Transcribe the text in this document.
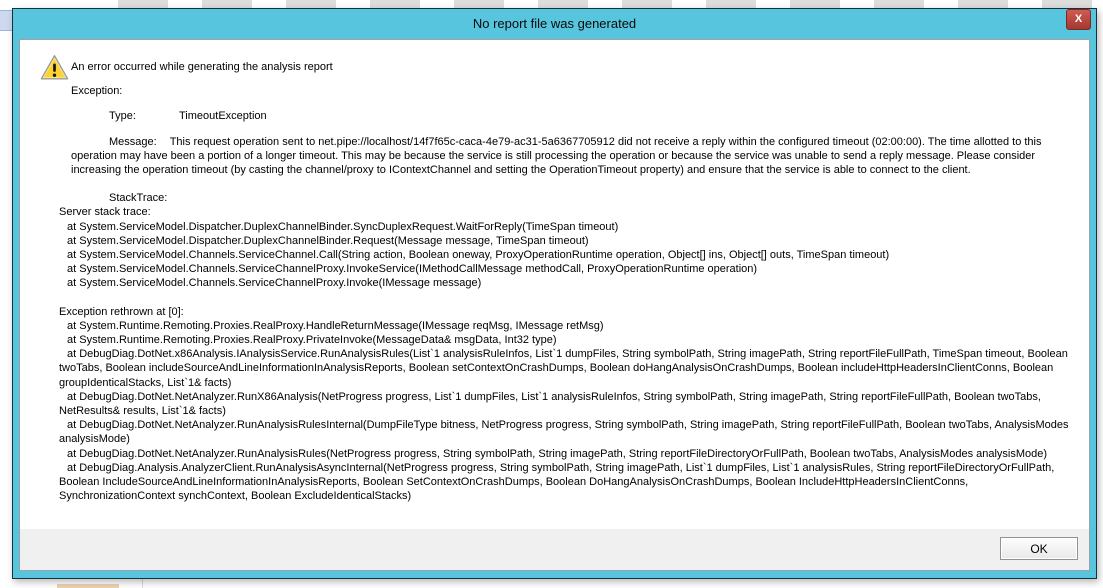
No report file was generated	X
An error occurred while generating the analysis report
Exception:
Type:	TimeoutException

Message: This request operation sent to net.pipe://localhost/14f7f65c-caca-4e79-ac31-5a6367705912 did not receive a reply within the configured timeout (02:00:00). The time allotted to this operation may have been a portion of a longer timeout. This may be because the service is still processing the operation or because the service was unable to send a reply message. Please consider increasing the operation timeout (by casting the channel/proxy to IContextChannel and setting the OperationTimeout property) and ensure that the service is able to connect to the client.

StackTrace:
Server stack trace:
at System.ServiceModel.Dispatcher.DuplexChannelBinder.SyncDuplexRequest.WaitForReply(TimeSpan timeout)
at System.ServiceModel.Dispatcher.DuplexChannelBinder.Request(Message message, TimeSpan timeout)
at System.ServiceModel.Channels.ServiceChannel.Call(String action, Boolean oneway, ProxyOperationRuntime operation, Object[] ins, Object[] outs, TimeSpan timeout)
at System.ServiceModel.Channels.ServiceChannelProxy.InvokeService(IMethodCallMessage methodCall, ProxyOperationRuntime operation)
at System.ServiceModel.Channels.ServiceChannelProxy.Invoke(IMessage message)
Exception rethrown at [0]:
at System.Runtime.Remoting.Proxies.RealProxy.HandleReturnMessage(IMessage reqMsg, IMessage retMsg)
at System.Runtime.Remoting.Proxies.RealProxy.PrivateInvoke(MessageData& msgData, Int32 type)
at DebugDiag.DotNet.x86Analysis.IAnalysisService.RunAnalysisRules(List`1 analysisRuleInfos, List`1 dumpFiles, String symbolPath, String imagePath, String reportFileFullPath, TimeSpan timeout, Boolean twoTabs, Boolean includeSourceAndLineInformationInAnalysisReports, Boolean setContextOnCrashDumps, Boolean doHangAnalysisOnCrashDumps, Boolean includeHttpHeadersInClientConns, Boolean groupIdenticalStacks, List`1& facts)
at DebugDiag.DotNet.NetAnalyzer.RunX86Analysis(NetProgress progress, List`1 dumpFiles, List`1 analysisRuleInfos, String symbolPath, String imagePath, String reportFileFullPath, Boolean twoTabs, NetResults& results, List`1& facts)
at DebugDiag.DotNet.NetAnalyzer.RunAnalysisRulesInternal(DumpFileType bitness, NetProgress progress, String symbolPath, String imagePath, String reportFileFullPath, Boolean twoTabs, AnalysisModes analysisMode)
at DebugDiag.DotNet.NetAnalyzer.RunAnalysisRules(NetProgress progress, String symbolPath, String imagePath, String reportFileDirectoryOrFullPath, Boolean twoTabs, AnalysisModes analysisMode)
at DebugDiag.Analysis.AnalyzerClient.RunAnalysisAsyncInternal(NetProgress progress, String symbolPath, String imagePath, List`1 dumpFiles, List`1 analysisRules, String reportFileDirectoryOrFullPath, Boolean IncludeSourceAndLineInformationInAnalysisReports, Boolean SetContextOnCrashDumps, Boolean DoHangAnalysisOnCrashDumps, Boolean IncludeHttpHeadersInClientConns, SynchronizationContext synchContext, Boolean ExcludeIdenticalStacks)
OK
